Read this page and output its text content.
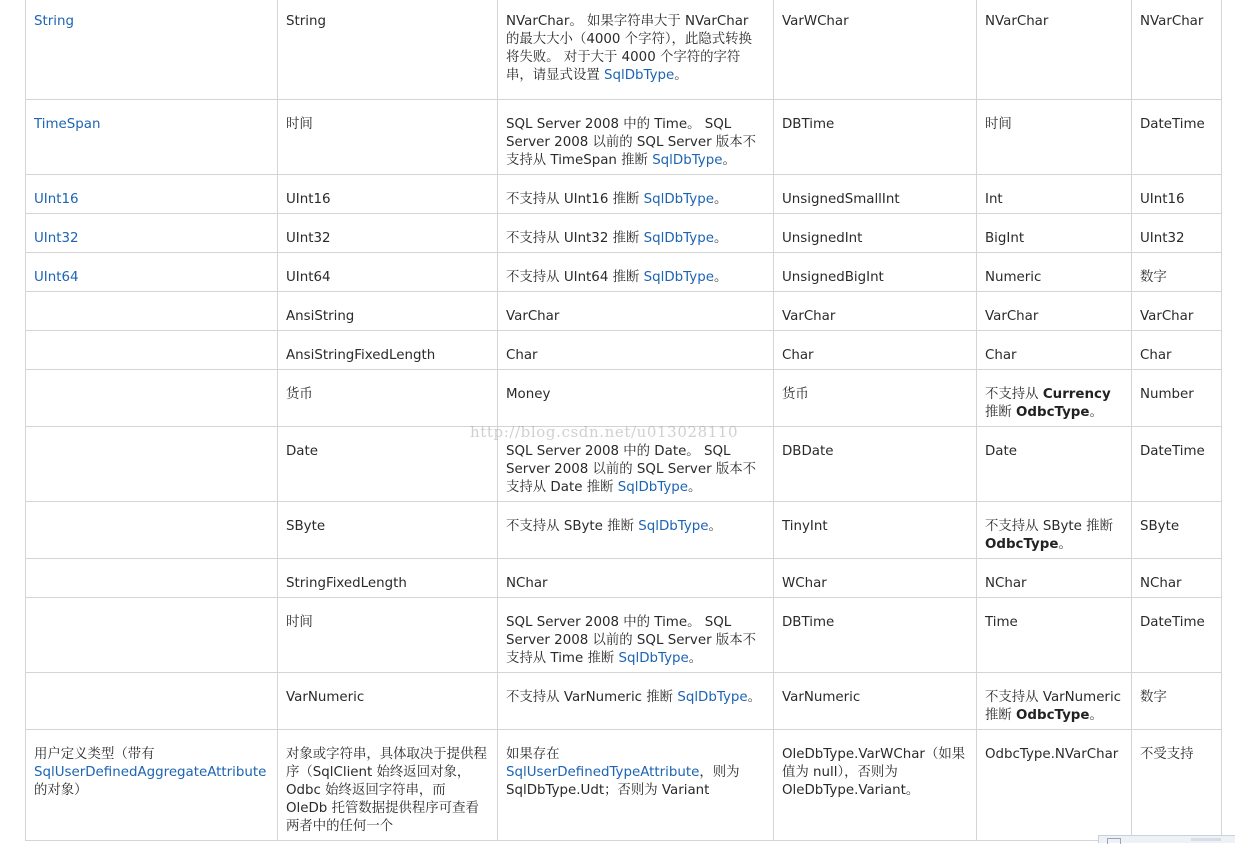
String	String	NVarChar。 如果字符串大于 NVarChar 的最大大小（4000 个字符），此隐式转换将失败。 对于大于 4000 个字符的字符串，请显式设置 SqlDbType。	VarWChar	NVarChar	NVarChar
TimeSpan	时间	SQL Server 2008 中的 Time。 SQL Server 2008 以前的 SQL Server 版本不支持从 TimeSpan 推断 SqlDbType。	DBTime	时间	DateTime
UInt16	UInt16	不支持从 UInt16 推断 SqlDbType。	UnsignedSmallInt	Int	UInt16
UInt32	UInt32	不支持从 UInt32 推断 SqlDbType。	UnsignedInt	BigInt	UInt32
UInt64	UInt64	不支持从 UInt64 推断 SqlDbType。	UnsignedBigInt	Numeric	数字
	AnsiString	VarChar	VarChar	VarChar	VarChar
	AnsiStringFixedLength	Char	Char	Char	Char
	货币	Money	货币	不支持从 Currency 推断 OdbcType。	Number
	Date	SQL Server 2008 中的 Date。 SQL Server 2008 以前的 SQL Server 版本不支持从 Date 推断 SqlDbType。	DBDate	Date	DateTime
	SByte	不支持从 SByte 推断 SqlDbType。	TinyInt	不支持从 SByte 推断 OdbcType。	SByte
	StringFixedLength	NChar	WChar	NChar	NChar
	时间	SQL Server 2008 中的 Time。 SQL Server 2008 以前的 SQL Server 版本不支持从 Time 推断 SqlDbType。	DBTime	Time	DateTime
	VarNumeric	不支持从 VarNumeric 推断 SqlDbType。	VarNumeric	不支持从 VarNumeric 推断 OdbcType。	数字
用户定义类型（带有 SqlUserDefinedAggregateAttribute 的对象）	对象或字符串，具体取决于提供程序（SqlClient 始终返回对象，Odbc 始终返回字符串，而 OleDb 托管数据提供程序可查看两者中的任何一个	如果存在 SqlUserDefinedTypeAttribute，则为 SqlDbType.Udt；否则为 Variant	OleDbType.VarWChar（如果值为 null），否则为 OleDbType.Variant。	OdbcType.NVarChar	不受支持
http://blog.csdn.net/u013028110
